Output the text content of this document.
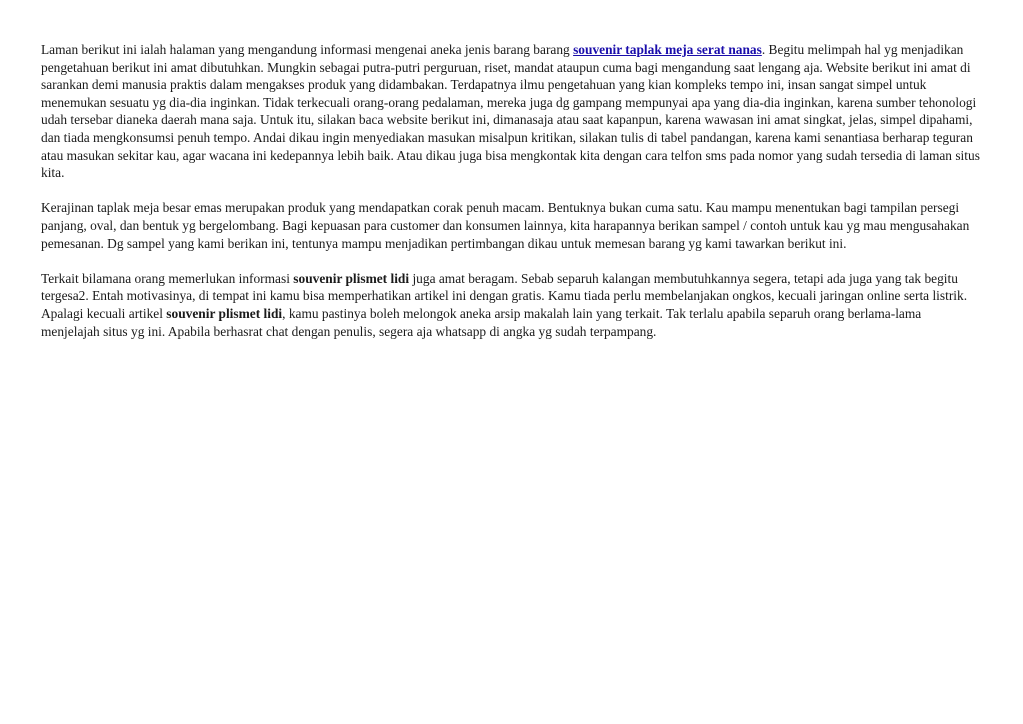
Laman berikut ini ialah halaman yang mengandung informasi mengenai aneka jenis barang barang souvenir taplak meja serat nanas. Begitu melimpah hal yg menjadikan pengetahuan berikut ini amat dibutuhkan. Mungkin sebagai putra-putri perguruan, riset, mandat ataupun cuma bagi mengandung saat lengang aja. Website berikut ini amat di sarankan demi manusia praktis dalam mengakses produk yang didambakan. Terdapatnya ilmu pengetahuan yang kian kompleks tempo ini, insan sangat simpel untuk menemukan sesuatu yg dia-dia inginkan. Tidak terkecuali orang-orang pedalaman, mereka juga dg gampang mempunyai apa yang dia-dia inginkan, karena sumber tehonologi udah tersebar dianeka daerah mana saja. Untuk itu, silakan baca website berikut ini, dimanasaja atau saat kapanpun, karena wawasan ini amat singkat, jelas, simpel dipahami, dan tiada mengkonsumsi penuh tempo. Andai dikau ingin menyediakan masukan misalpun kritikan, silakan tulis di tabel pandangan, karena kami senantiasa berharap teguran atau masukan sekitar kau, agar wacana ini kedepannya lebih baik. Atau dikau juga bisa mengkontak kita dengan cara telfon sms pada nomor yang sudah tersedia di laman situs kita.

Kerajinan taplak meja besar emas merupakan produk yang mendapatkan corak penuh macam. Bentuknya bukan cuma satu. Kau mampu menentukan bagi tampilan persegi panjang, oval, dan bentuk yg bergelombang. Bagi kepuasan para customer dan konsumen lainnya, kita harapannya berikan sampel / contoh untuk kau yg mau mengusahakan pemesanan. Dg sampel yang kami berikan ini, tentunya mampu menjadikan pertimbangan dikau untuk memesan barang yg kami tawarkan berikut ini.

Terkait bilamana orang memerlukan informasi souvenir plismet lidi juga amat beragam. Sebab separuh kalangan membutuhkannya segera, tetapi ada juga yang tak begitu tergesa2. Entah motivasinya, di tempat ini kamu bisa memperhatikan artikel ini dengan gratis. Kamu tiada perlu membelanjakan ongkos, kecuali jaringan online serta listrik. Apalagi kecuali artikel souvenir plismet lidi, kamu pastinya boleh melongok aneka arsip makalah lain yang terkait. Tak terlalu apabila separuh orang berlama-lama menjelajah situs yg ini. Apabila berhasrat chat dengan penulis, segera aja whatsapp di angka yg sudah terpampang.
